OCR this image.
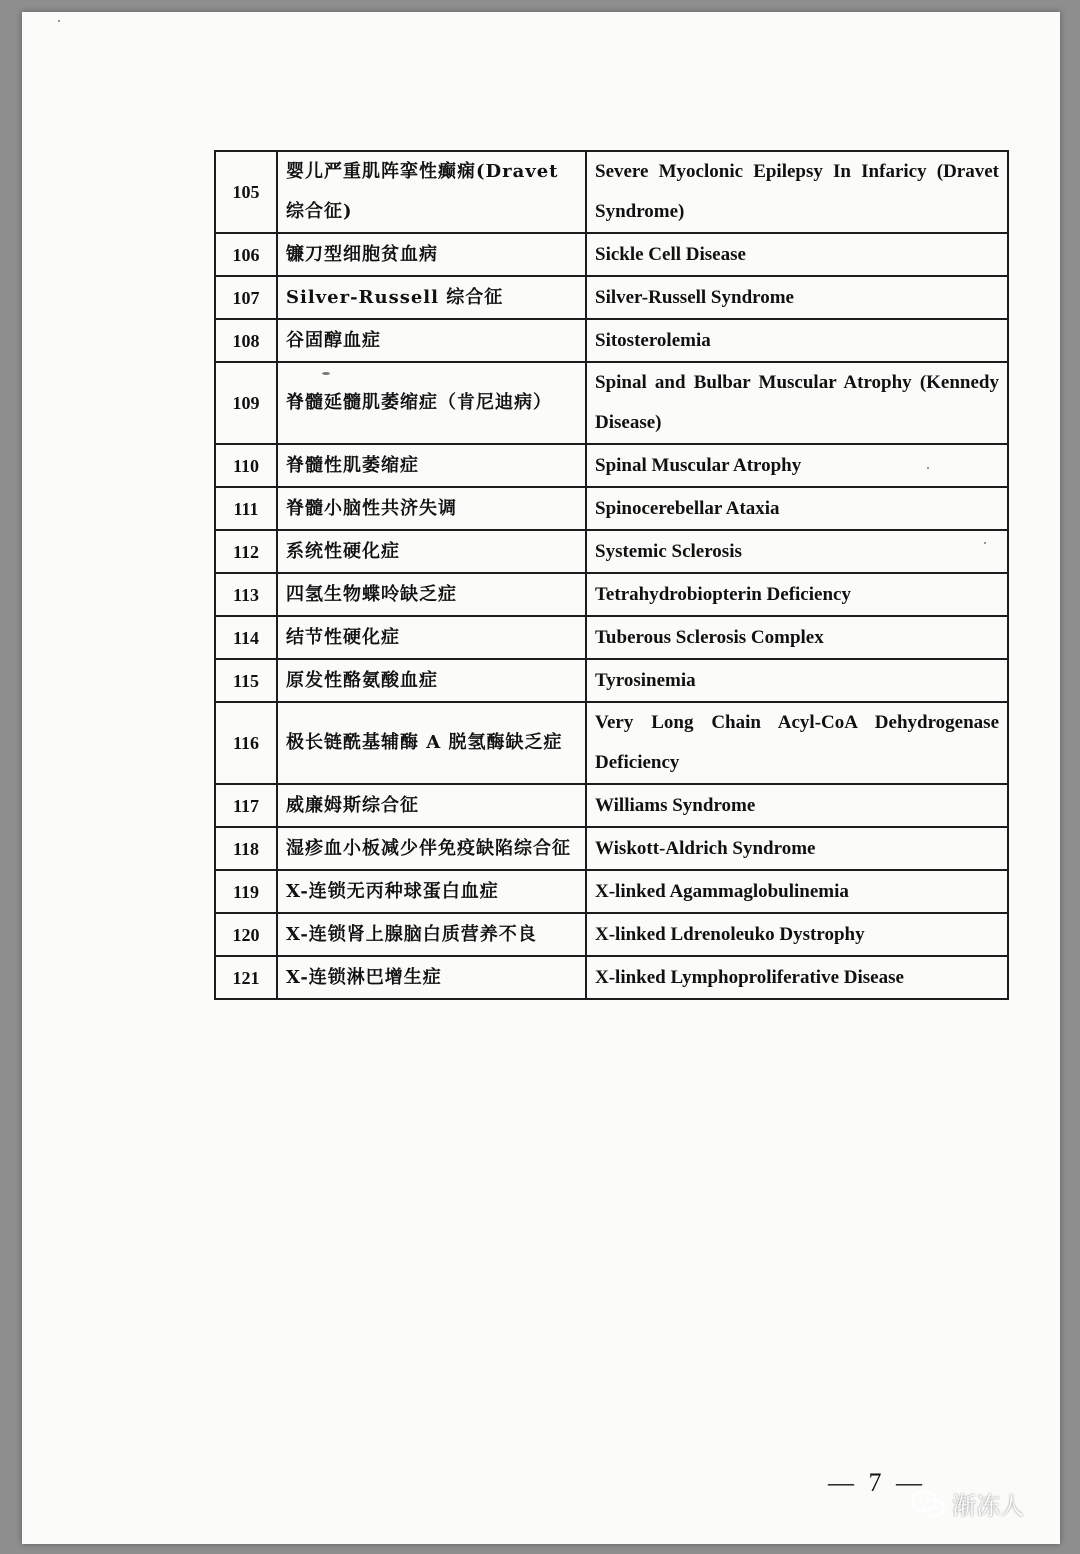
105	婴儿严重肌阵挛性癫痫(Dravet 综合征)	Severe Myoclonic Epilepsy In Infaricy (Dravet Syndrome)
106	镰刀型细胞贫血病	Sickle Cell Disease
107	Silver-Russell 综合征	Silver-Russell Syndrome
108	谷固醇血症	Sitosterolemia
109	脊髓延髓肌萎缩症（肯尼迪病）	Spinal and Bulbar Muscular Atrophy (Kennedy Disease)
110	脊髓性肌萎缩症	Spinal Muscular Atrophy
111	脊髓小脑性共济失调	Spinocerebellar Ataxia
112	系统性硬化症	Systemic Sclerosis
113	四氢生物蝶呤缺乏症	Tetrahydrobiopterin Deficiency
114	结节性硬化症	Tuberous Sclerosis Complex
115	原发性酪氨酸血症	Tyrosinemia
116	极长链酰基辅酶 A 脱氢酶缺乏症	Very Long Chain Acyl-CoA Dehydrogenase Deficiency
117	威廉姆斯综合征	Williams Syndrome
118	湿疹血小板减少伴免疫缺陷综合征	Wiskott-Aldrich Syndrome
119	X-连锁无丙种球蛋白血症	X-linked Agammaglobulinemia
120	X-连锁肾上腺脑白质营养不良	X-linked Ldrenoleuko Dystrophy
121	X-连锁淋巴增生症	X-linked Lymphoproliferative Disease
— 7 —
渐冻人
